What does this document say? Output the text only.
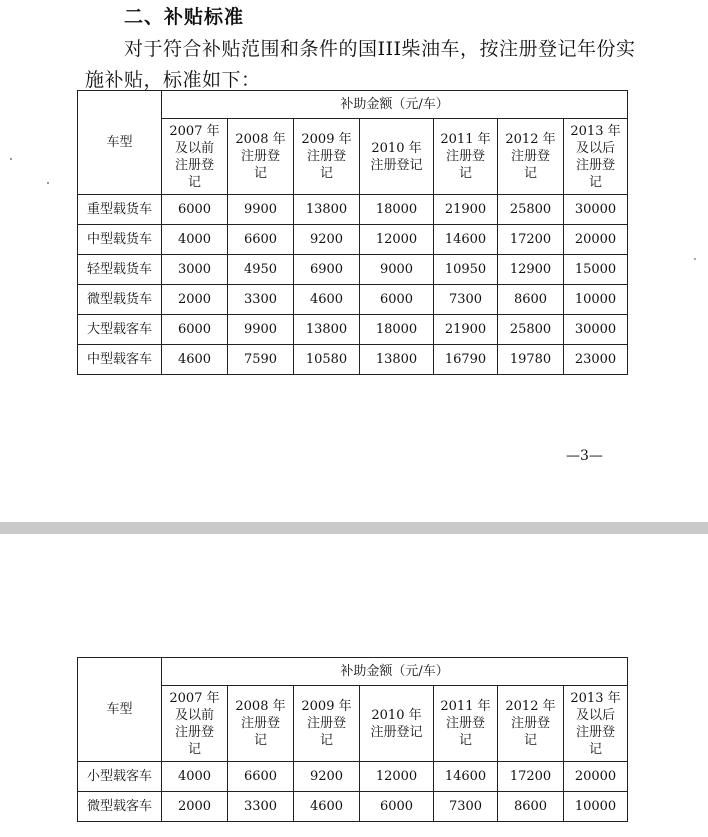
二、补贴标准
对于符合补贴范围和条件的国III柴油车，按注册登记年份实
施补贴，标准如下：
车型	补助金额（元/车）						

	2007 年
及以前
注册登
记	2008 年
注册登
记	2009 年
注册登
记	2010 年
注册登记	2011 年
注册登
记	2012 年
注册登
记	2013 年
及以后
注册登
记

重型载货车	6000	9900	13800	18000	21900	25800	30000
中型载货车	4000	6600	9200	12000	14600	17200	20000
轻型载货车	3000	4950	6900	9000	10950	12900	15000
微型载货车	2000	3300	4600	6000	7300	8600	10000
大型载客车	6000	9900	13800	18000	21900	25800	30000
中型载客车	4600	7590	10580	13800	16790	19780	23000
—3—
车型	补助金额（元/车）						

	2007 年
及以前
注册登
记	2008 年
注册登
记	2009 年
注册登
记	2010 年
注册登记	2011 年
注册登
记	2012 年
注册登
记	2013 年
及以后
注册登
记

小型载客车	4000	6600	9200	12000	14600	17200	20000
微型载客车	2000	3300	4600	6000	7300	8600	10000
